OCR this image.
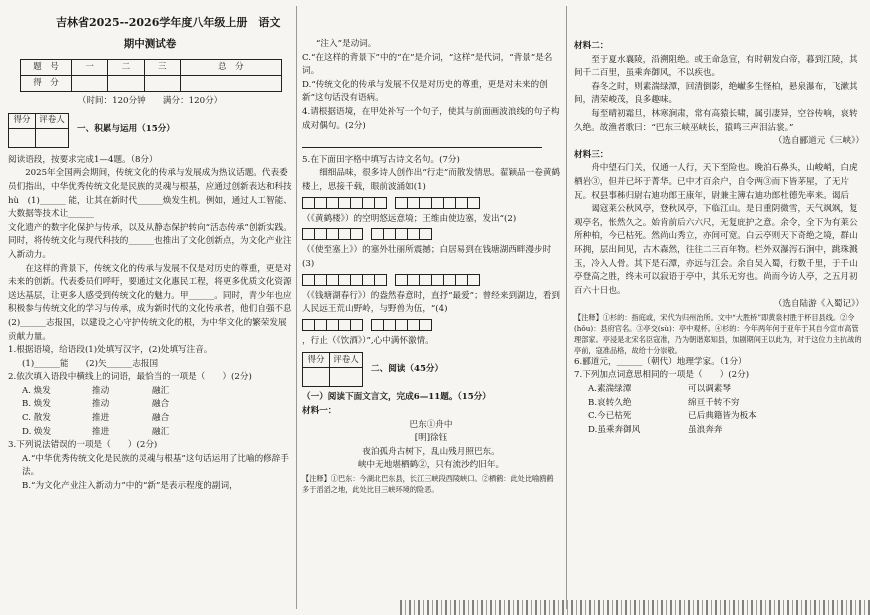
吉林省2025--2026学年度八年级上册　语文

期中测试卷

题　号	一	二	三	总　分
得　分				

（时间：120分钟　　满分：120分）

得分	评卷人

一、积累与运用（15分）

阅读语段，按要求完成1—4题。（8分）

2025年全国两会期间，传统文化的传承与发展成为热议话题。代表委员们指出，中华优秀传统文化是民族的灵魂与根基，应通过创新表达和科技 hù　(1)______ 能，让其在新时代______焕发生机。例如，通过人工智能、大数据等技术让______

文化遗产的数字化保护与传承，以及从静态保护转向“活态传承”创新实践。同时，将传统文化与现代科技的______也推出了文化创新点，为文化产业注入新动力。

在这样的背景下，传统文化的传承与发展不仅是对历史的尊重，更是对未来的创新。代表委员们呼吁，要通过文化惠民工程，将更多优质文化资源送达基层，让更多人感受到传统文化的魅力。甲______。同时，青少年也应积极参与传统文化的学习与传承，成为新时代的文化传承者，他们自强不息(2)______志报国，以建设之心守护传统文化的根，为中华文化的繁荣发展贡献力量。

1.根据语境，给语段(1)处填写汉字，(2)处填写注音。

(1)______能　　 (2)矢______志报国

2.依次填入语段中横线上的词语，最恰当的一项是（　　）(2分)

A. 焕发	推动	融汇
B. 焕发	推动	融合
C. 散发	推进	融合
D. 焕发	推进	融汇

3.下列说法错误的一项是（　　）(2分)

A.“中华优秀传统文化是民族的灵魂与根基”这句话运用了比喻的修辞手法。

B.“为文化产业注入新动力”中的“新”是表示程度的副词，

“注入”是动词。

C.“在这样的背景下”中的“在”是介词，“这样”是代词，“背景”是名词。

D.“传统文化的传承与发展不仅是对历史的尊重，更是对未来的创新”这句话没有语病。

4.请根据语境，在甲处补写一个句子，使其与前面画波浪线的句子构成对偶句。(2分)

5.在下面田字格中填写古诗文名句。(7分)

细细品味，很多诗人创作出“行走”而散发情思。翟颖品一卷黄鹤楼上，思接千载，眼前波涌如(1)

（《黄鹤楼》）的空明悠远意境；王维由使边塞，发出“(2)

（《使至塞上》）的塞外壮丽所震撼；白居易到在钱塘湖西畔漫步时(3)

（《钱塘湖春行》）的盎然春意时，直抒“最爱”；曾经来到湖边，看到人民远王荒山野岭，与野兽为伍，“(4)

，行止（《饮酒》）”,心中满怀激情。

得分	评卷人

二、阅读（45分）

（一）阅读下面文言文，完成6—11题。（15分）

材料一：

巴东①舟中

[明]徐钰

夜泊孤舟古树下，乱山残月照巴东。

峡中无地堪栖鹤②，只有流沙约旧年。

【注释】①巴东：今湖北巴东县，长江三峡段西陵峡口。②栖鹤：此处比喻鸥鹤多于滔滔之地，此处比目三峡环境的险恶。

材料二：

至于夏水襄陵，沿溯阻绝。或王命急宣，有时朝发白帝，暮到江陵，其间千二百里，虽乘奔御风，不以疾也。

春冬之时，则素湍绿潭，回清倒影，绝𪩘多生怪柏，悬泉瀑布，飞漱其间，清荣峻茂，良多趣味。

每至晴初霜旦，林寒涧肃，常有高猿长啸，属引凄异，空谷传响，哀转久绝。故渔者歌曰：“巴东三峡巫峡长，猿鸣三声泪沾裳。”

（选自郦道元《三峡》）

材料三：

舟中望石门关，仅通一人行，天下至险也。晚泊石鼻头，山峻峭，白虎栖岩③，但并已坏于菁华。已中才百余户，自令两③而下皆茅屋，了无片瓦。权县事秭归尉右迪功郎王康年，尉兼主簿右迪功郎杜德先率来。谒后

谒寇莱公秋风亭，登秋风亭，下临江山。是日重阴微雪，天气飒飒，复观亭名，怅然久之。始肯前后六六尺，无复庇护之意。余令，全下为有莱公所种柏，今已枯死。然尚山秀立，亦间可宽。白云亭则天下奇绝之境，群山环拥，层出间见，古木森然，往往二三百年物。栏外双瀑泻石涧中，跳珠溅玉，冷入人骨。其下是石潭，亦远与江会。余自吴入蜀，行数千里，于千山亭登高之胜，终未可以寂语于亭中，其乐无穷也。尚而今访人亭，之五月初百六十日也。

（选自陆游《入蜀记》）

【注释】①杉的：指庭或，宋代为归州治所。文中“大胜桥”即黄泉村胜于杯目县线。②令(hǒu)：县府官名。③亭交(sù)：亭中观杯。④杉的：今年两年何于亚年于其自今宣市高管理部家。亭浸是北宋名臣寇准，乃为朝谐郑知县，加剧期间王以此为，对于这位力主抗战的亭前，寇准品格，故给十分崇敬。

6.郦道元，______（朝代）地理学家。（1分）

7.下列加点词意思相同的一项是（　　）(2分)

A.素湍绿潭	可以调素琴
B.哀转久绝	绵亘千转不穷
C.今已枯死	已后典籍皆为板本
D.虽乘奔御风	虽浪奔奔
